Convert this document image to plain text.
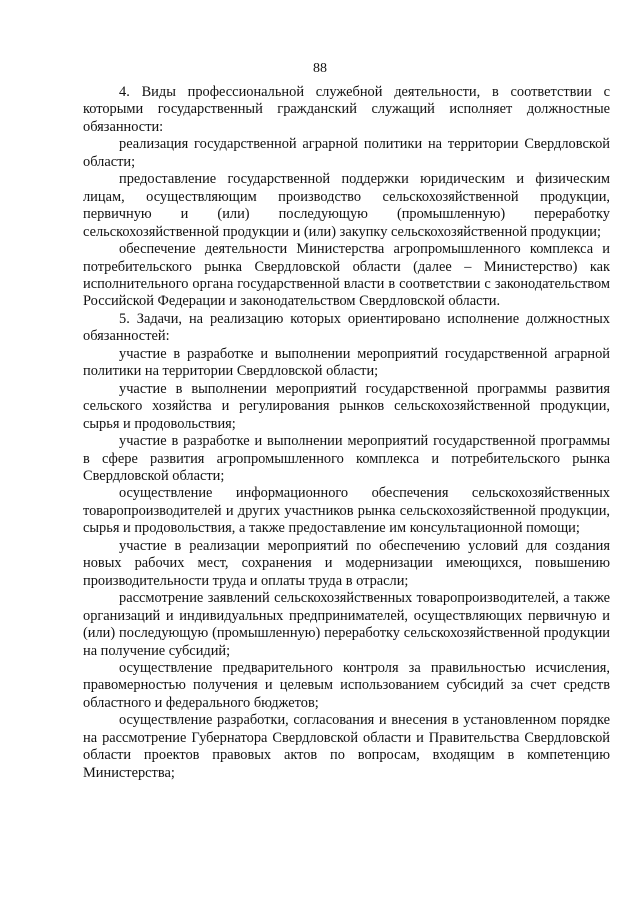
88

4. Виды профессиональной служебной деятельности, в соответствии с которыми государственный гражданский служащий исполняет должностные обязанности:

реализация государственной аграрной политики на территории Свердловской области;

предоставление государственной поддержки юридическим и физическим лицам, осуществляющим производство сельскохозяйственной продукции, первичную и (или) последующую (промышленную) переработку сельскохозяйственной продукции и (или) закупку сельскохозяйственной продукции;

обеспечение деятельности Министерства агропромышленного комплекса и потребительского рынка Свердловской области (далее – Министерство) как исполнительного органа государственной власти в соответствии с законодательством Российской Федерации и законодательством Свердловской области.

5. Задачи, на реализацию которых ориентировано исполнение должностных обязанностей:

участие в разработке и выполнении мероприятий государственной аграрной политики на территории Свердловской области;

участие в выполнении мероприятий государственной программы развития сельского хозяйства и регулирования рынков сельскохозяйственной продукции, сырья и продовольствия;

участие в разработке и выполнении мероприятий государственной программы в сфере развития агропромышленного комплекса и потребительского рынка Свердловской области;

осуществление информационного обеспечения сельскохозяйственных товаропроизводителей и других участников рынка сельскохозяйственной продукции, сырья и продовольствия, а также предоставление им консультационной помощи;

участие в реализации мероприятий по обеспечению условий для создания новых рабочих мест, сохранения и модернизации имеющихся, повышению производительности труда и оплаты труда в отрасли;

рассмотрение заявлений сельскохозяйственных товаропроизводителей, а также организаций и индивидуальных предпринимателей, осуществляющих первичную и (или) последующую (промышленную) переработку сельскохозяйственной продукции на получение субсидий;

осуществление предварительного контроля за правильностью исчисления, правомерностью получения и целевым использованием субсидий за счет средств областного и федерального бюджетов;

осуществление разработки, согласования и внесения в установленном порядке на рассмотрение Губернатора Свердловской области и Правительства Свердловской области проектов правовых актов по вопросам, входящим в компетенцию Министерства;
